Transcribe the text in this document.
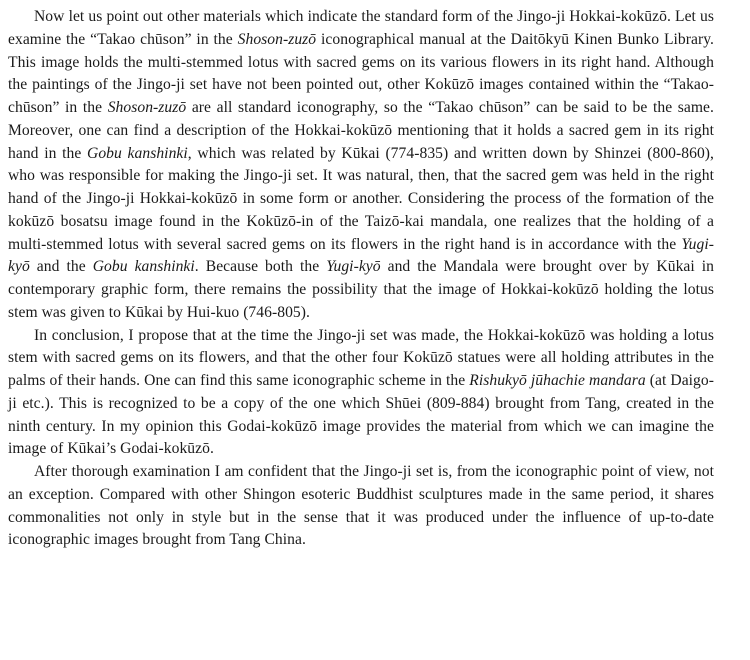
Now let us point out other materials which indicate the standard form of the Jingo-ji Hokkai-kokūzō. Let us examine the “Takao chūson” in the Shoson-zuzō iconographical manual at the Daitōkyū Kinen Bunko Library. This image holds the multi-stemmed lotus with sacred gems on its various flowers in its right hand. Although the paintings of the Jingo-ji set have not been pointed out, other Kokūzō images contained within the “Takao-chūson” in the Shoson-zuzō are all standard iconography, so the “Takao chūson” can be said to be the same. Moreover, one can find a description of the Hokkai-kokūzō mentioning that it holds a sacred gem in its right hand in the Gobu kanshinki, which was related by Kūkai (774-835) and written down by Shinzei (800-860), who was responsible for making the Jingo-ji set. It was natural, then, that the sacred gem was held in the right hand of the Jingo-ji Hokkai-kokūzō in some form or another. Considering the process of the formation of the kokūzō bosatsu image found in the Kokūzō-in of the Taizō-kai mandala, one realizes that the holding of a multi-stemmed lotus with several sacred gems on its flowers in the right hand is in accordance with the Yugi-kyō and the Gobu kanshinki. Because both the Yugi-kyō and the Mandala were brought over by Kūkai in contemporary graphic form, there remains the possibility that the image of Hokkai-kokūzō holding the lotus stem was given to Kūkai by Hui-kuo (746-805).

In conclusion, I propose that at the time the Jingo-ji set was made, the Hokkai-kokūzō was holding a lotus stem with sacred gems on its flowers, and that the other four Kokūzō statues were all holding attributes in the palms of their hands. One can find this same iconographic scheme in the Rishukyō jūhachie mandara (at Daigo-ji etc.). This is recognized to be a copy of the one which Shūei (809-884) brought from Tang, created in the ninth century. In my opinion this Godai-kokūzō image provides the material from which we can imagine the image of Kūkai’s Godai-kokūzō.

After thorough examination I am confident that the Jingo-ji set is, from the iconographic point of view, not an exception. Compared with other Shingon esoteric Buddhist sculptures made in the same period, it shares commonalities not only in style but in the sense that it was produced under the influence of up-to-date iconographic images brought from Tang China.
